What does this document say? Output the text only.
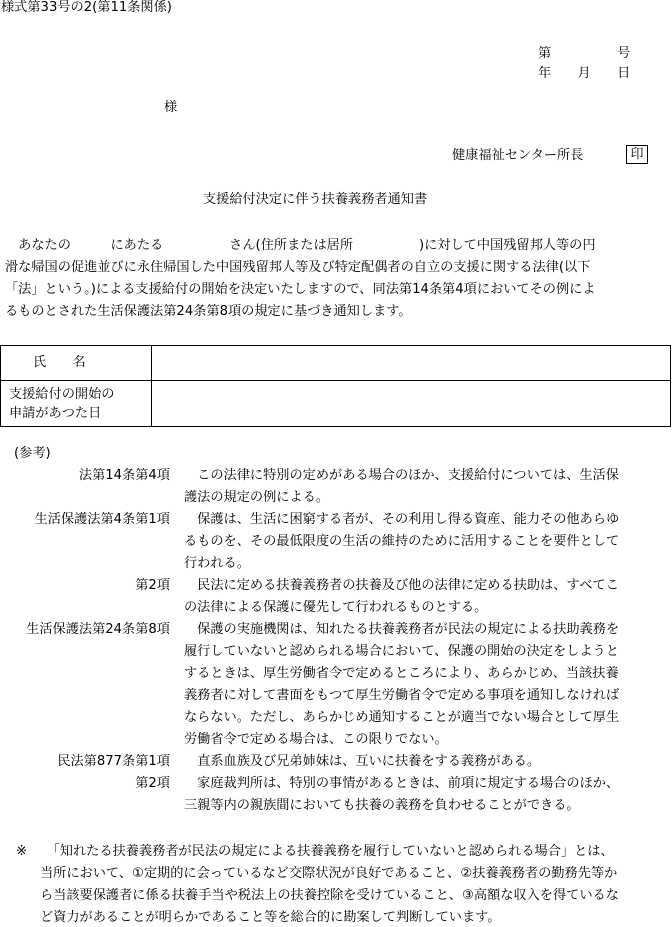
様式第33号の2(第11条関係)
第　　　　　号
年　　月　　日
様
健康福祉センター所長	印
支援給付決定に伴う扶養義務者通知書
　あなたの　　　にあたる　　　　　さん(住所または居所　　　　　)に対して中国残留邦人等の円
滑な帰国の促進並びに永住帰国した中国残留邦人等及び特定配偶者の自立の支援に関する法律(以下
「法」という。)による支援給付の開始を決定いたしますので、同法第14条第4項においてその例によ
るものとされた生活保護法第24条第8項の規定に基づき通知します。
氏　　名	

支援給付の開始の
申請があつた日	

(参考)
法第14条第4項 　この法律に特別の定めがある場合のほか、支援給付については、生活保
護法の規定の例による。
生活保護法第4条第1項 　保護は、生活に困窮する者が、その利用し得る資産、能力その他あらゆ
るものを、その最低限度の生活の維持のために活用することを要件として
行われる。
第2項 　民法に定める扶養義務者の扶養及び他の法律に定める扶助は、すべてこ
の法律による保護に優先して行われるものとする。
生活保護法第24条第8項 　保護の実施機関は、知れたる扶養義務者が民法の規定による扶助義務を
履行していないと認められる場合において、保護の開始の決定をしようと
するときは、厚生労働省令で定めるところにより、あらかじめ、当該扶養
義務者に対して書面をもつて厚生労働省令で定める事項を通知しなければ
ならない。ただし、あらかじめ通知することが適当でない場合として厚生
労働省令で定める場合は、この限りでない。
民法第877条第1項 　直系血族及び兄弟姉妹は、互いに扶養をする義務がある。
第2項 　家庭裁判所は、特別の事情があるときは、前項に規定する場合のほか、
三親等内の親族間においても扶養の義務を負わせることができる。
※ 　「知れたる扶養義務者が民法の規定による扶養義務を履行していないと認められる場合」とは、
当所において、①定期的に会っているなど交際状況が良好であること、②扶養義務者の勤務先等か
ら当該要保護者に係る扶養手当や税法上の扶養控除を受けていること、③高額な収入を得ているな
ど資力があることが明らかであること等を総合的に勘案して判断しています。
